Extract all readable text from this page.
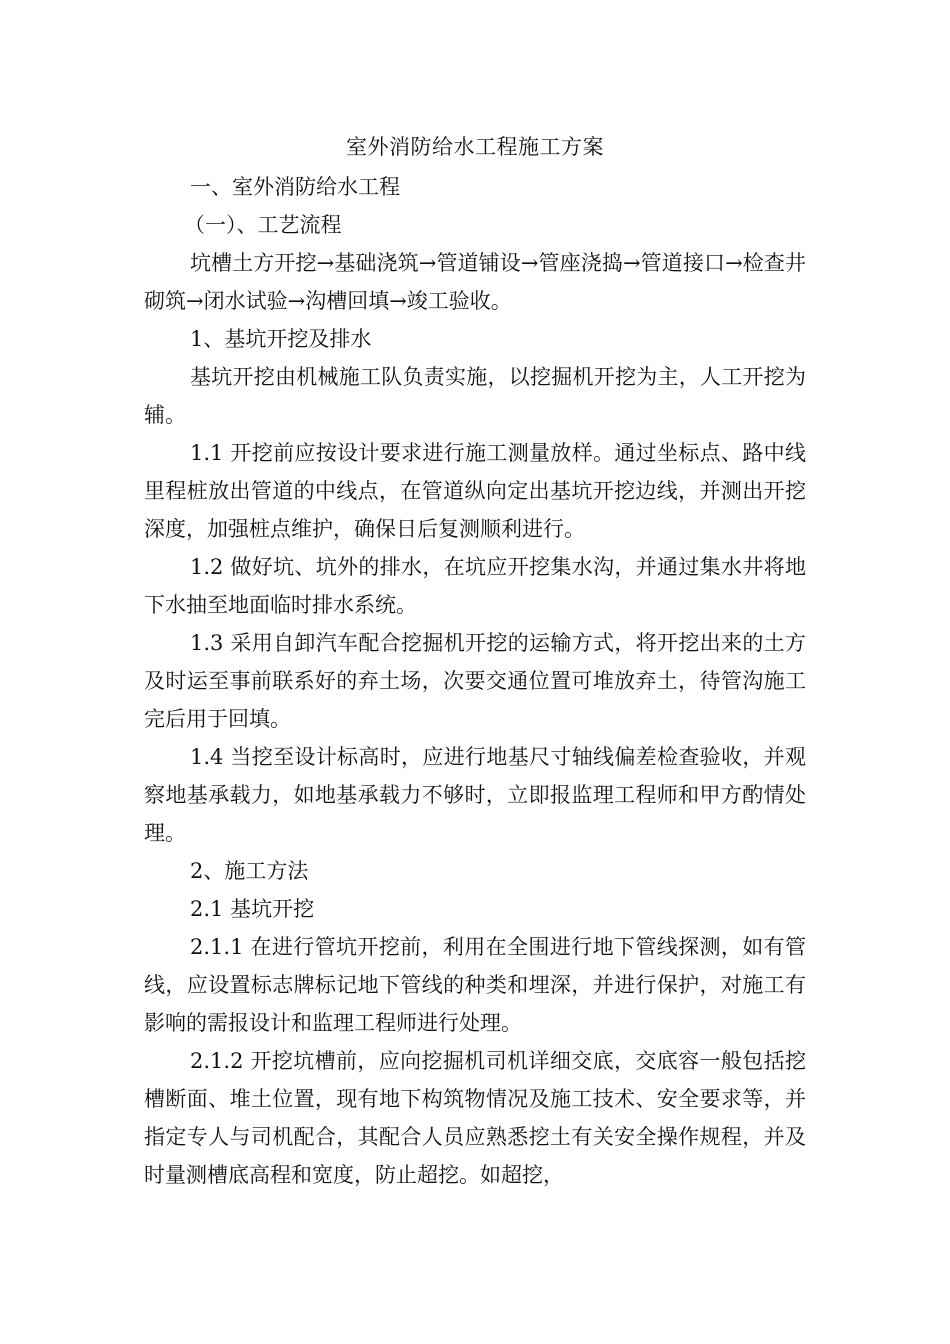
室外消防给水工程施工方案

一、室外消防给水工程

（一）、工艺流程

坑槽土方开挖→基础浇筑→管道铺设→管座浇捣→管道接口→检查井砌筑→闭水试验→沟槽回填→竣工验收。

1、基坑开挖及排水

基坑开挖由机械施工队负责实施，以挖掘机开挖为主，人工开挖为辅。

1.1 开挖前应按设计要求进行施工测量放样。通过坐标点、路中线里程桩放出管道的中线点，在管道纵向定出基坑开挖边线，并测出开挖深度，加强桩点维护，确保日后复测顺利进行。

1.2 做好坑、坑外的排水，在坑应开挖集水沟，并通过集水井将地下水抽至地面临时排水系统。

1.3 采用自卸汽车配合挖掘机开挖的运输方式，将开挖出来的土方及时运至事前联系好的弃土场，次要交通位置可堆放弃土，待管沟施工完后用于回填。

1.4 当挖至设计标高时，应进行地基尺寸轴线偏差检查验收，并观察地基承载力，如地基承载力不够时，立即报监理工程师和甲方酌情处理。

2、施工方法

2.1 基坑开挖

2.1.1 在进行管坑开挖前，利用在全围进行地下管线探测，如有管线，应设置标志牌标记地下管线的种类和埋深，并进行保护，对施工有影响的需报设计和监理工程师进行处理。

2.1.2 开挖坑槽前，应向挖掘机司机详细交底，交底容一般包括挖槽断面、堆土位置，现有地下构筑物情况及施工技术、安全要求等，并指定专人与司机配合，其配合人员应熟悉挖土有关安全操作规程，并及时量测槽底高程和宽度，防止超挖。如超挖，
